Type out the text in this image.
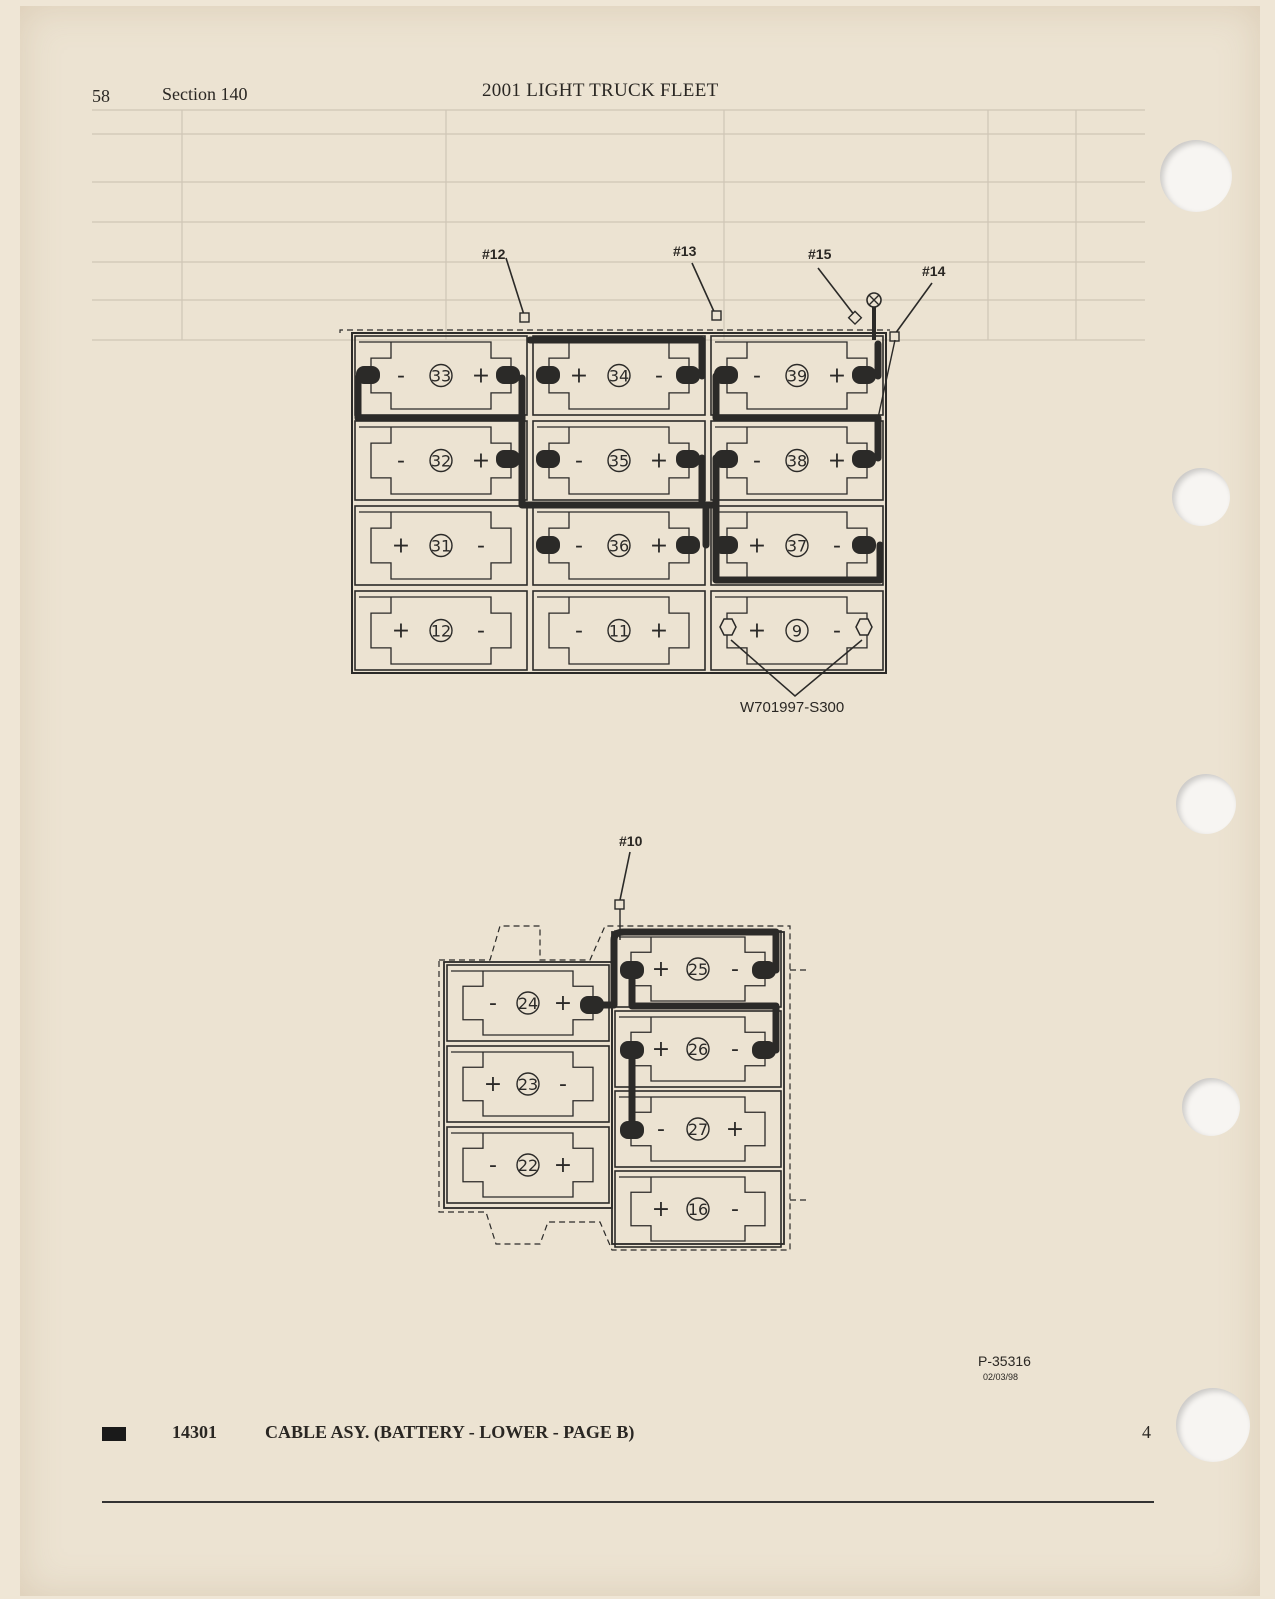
58	Section 140	2001 LIGHT TRUCK FLEET
-	+
33	+	-
34	-	+
39
-	+
32	-	+
35	-	+
38
+	-
31	-	+
36	+	-
37
+	-
12	-	+
11	+	-
9
-	+
24
+	-
23
-	+
22
+	-
25
+	-
26
-	+
27
+	-
16
#12	#13	#15
#14
W701997-S300
#10
P-35316
02/03/98
14301	CABLE ASY. (BATTERY - LOWER - PAGE B)	4
